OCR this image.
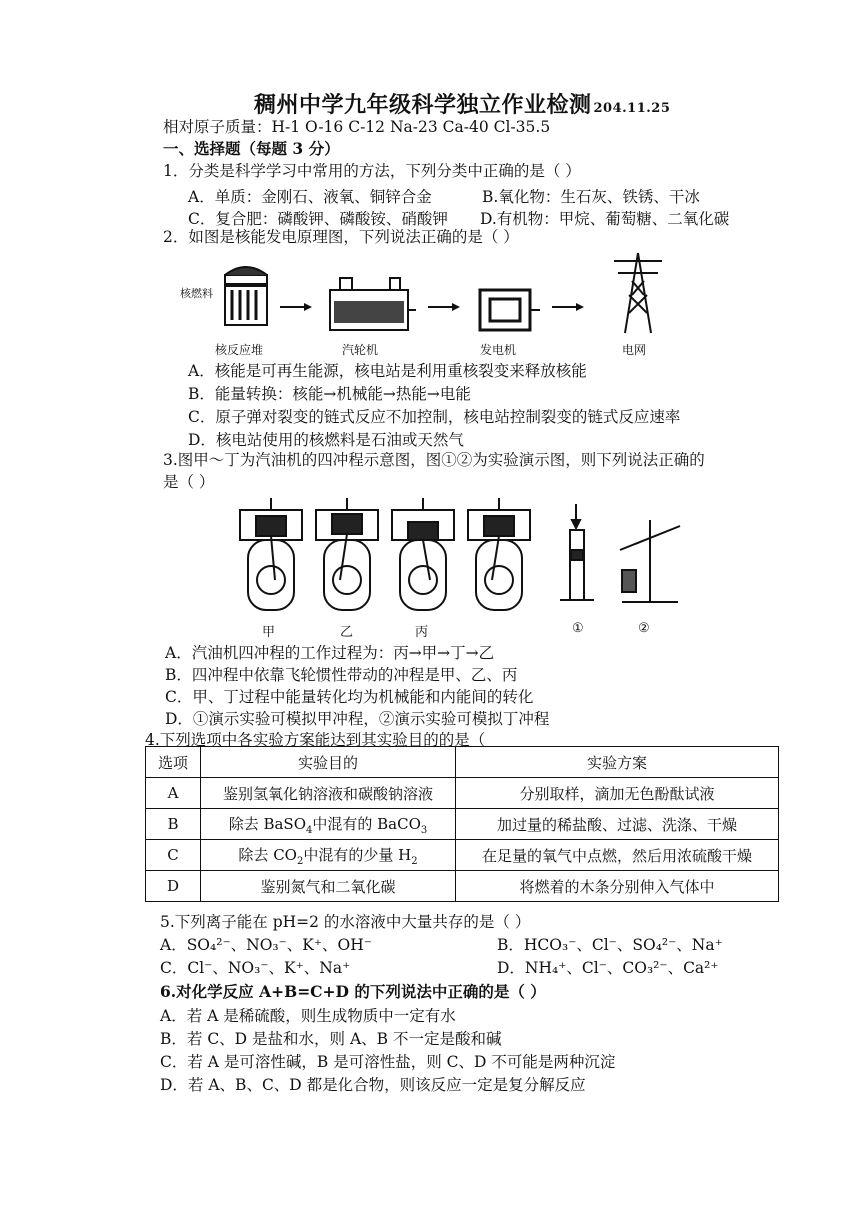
稠州中学九年级科学独立作业检测 204.11.25
相对原子质量：H-1 O-16 C-12 Na-23 Ca-40 Cl-35.5
一、选择题（每题 3 分）
1．分类是科学学习中常用的方法，下列分类中正确的是（ ）
A．单质：金刚石、液氧、铜锌合金	B.氧化物：生石灰、铁锈、干冰
C．复合肥：磷酸钾、磷酸铵、硝酸钾 D.有机物：甲烷、葡萄糖、二氧化碳
2．如图是核能发电原理图，下列说法正确的是（ ）
核燃料
核反应堆	汽轮机	发电机	电网
A．核能是可再生能源，核电站是利用重核裂变来释放核能
B．能量转换：核能→机械能→热能→电能
C．原子弹对裂变的链式反应不加控制，核电站控制裂变的链式反应速率
D．核电站使用的核燃料是石油或天然气
3.图甲～丁为汽油机的四冲程示意图，图①②为实验演示图，则下列说法正确的
是（ ）
甲	乙	丙	①	②
A．汽油机四冲程的工作过程为：丙→甲→丁→乙
B．四冲程中依靠飞轮惯性带动的冲程是甲、乙、丙
C．甲、丁过程中能量转化均为机械能和内能间的转化
D．①演示实验可模拟甲冲程，②演示实验可模拟丁冲程
4.下列选项中各实验方案能达到其实验目的的是（
选项	实验目的	实验方案
A	鉴别氢氧化钠溶液和碳酸钠溶液	分别取样，滴加无色酚酞试液
B	除去 BaSO$_4$中混有的 BaCO$_3$	加过量的稀盐酸、过滤、洗涤、干燥
C	除去 $CO_2$中混有的少量 $H_2$	在足量的氧气中点燃，然后用浓硫酸干燥
D	鉴别氮气和二氧化碳	将燃着的木条分别伸入气体中
5.下列离子能在 pH=2 的水溶液中大量共存的是（ ）
A．SO₄²⁻、NO₃⁻、K⁺、OH⁻	B．HCO₃⁻、Cl⁻、SO₄²⁻、Na⁺
C．Cl⁻、NO₃⁻、K⁺、Na⁺	D．NH₄⁺、Cl⁻、CO₃²⁻、Ca²⁺
6.对化学反应 A+B=C+D 的下列说法中正确的是（ ）
A．若 A 是稀硫酸，则生成物质中一定有水
B．若 C、D 是盐和水，则 A、B 不一定是酸和碱
C．若 A 是可溶性碱，B 是可溶性盐，则 C、D 不可能是两种沉淀
D．若 A、B、C、D 都是化合物，则该反应一定是复分解反应
